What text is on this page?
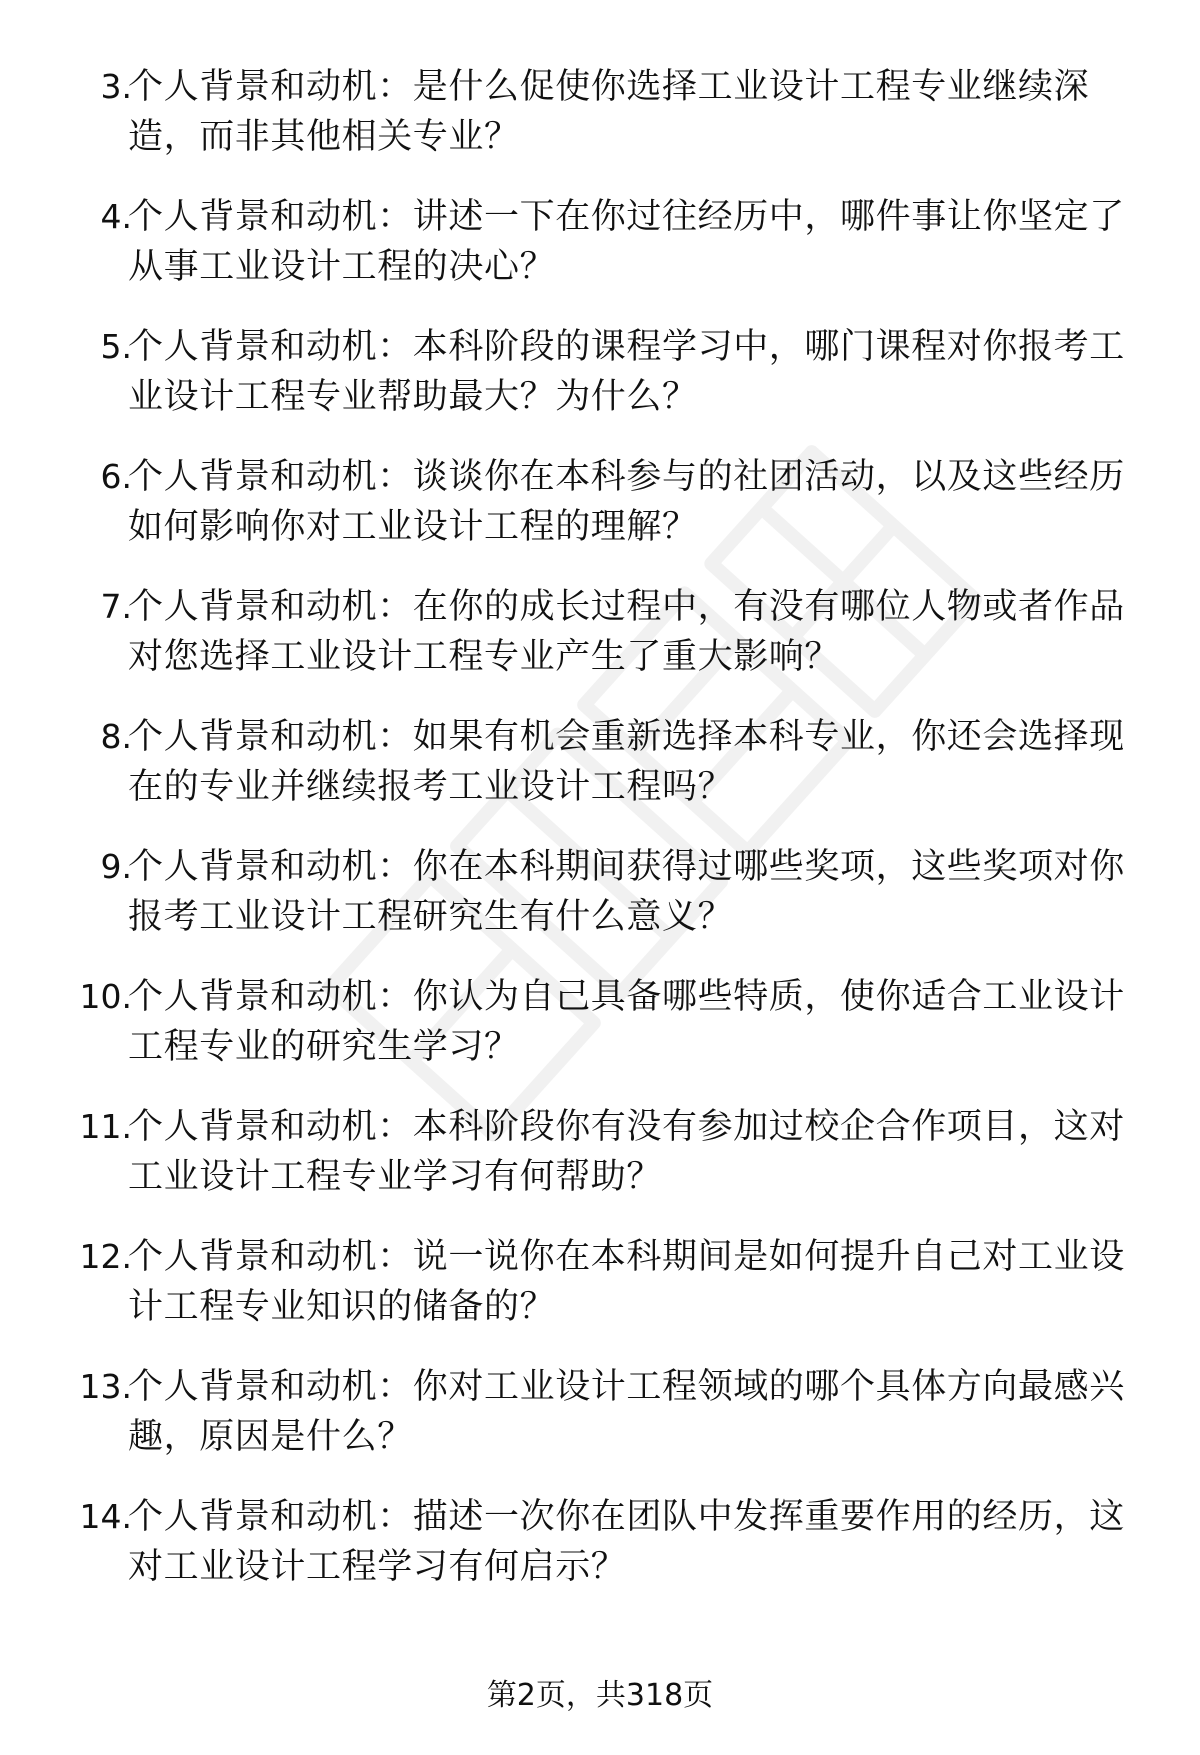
3.

个人背景和动机：是什么促使你选择工业设计工程专业继续深造，而非其他相关专业？

4.

个人背景和动机：讲述一下在你过往经历中，哪件事让你坚定了从事工业设计工程的决心？

5.

个人背景和动机：本科阶段的课程学习中，哪门课程对你报考工业设计工程专业帮助最大？为什么？

6.

个人背景和动机：谈谈你在本科参与的社团活动，以及这些经历如何影响你对工业设计工程的理解？

7.

个人背景和动机：在你的成长过程中，有没有哪位人物或者作品对您选择工业设计工程专业产生了重大影响？

8.

个人背景和动机：如果有机会重新选择本科专业，你还会选择现在的专业并继续报考工业设计工程吗？

9.

个人背景和动机：你在本科期间获得过哪些奖项，这些奖项对你报考工业设计工程研究生有什么意义？

10.

个人背景和动机：你认为自己具备哪些特质，使你适合工业设计工程专业的研究生学习？

11.

个人背景和动机：本科阶段你有没有参加过校企合作项目，这对工业设计工程专业学习有何帮助？

12.

个人背景和动机：说一说你在本科期间是如何提升自己对工业设计工程专业知识的储备的？

13.

个人背景和动机：你对工业设计工程领域的哪个具体方向最感兴趣，原因是什么？

14.

个人背景和动机：描述一次你在团队中发挥重要作用的经历，这对工业设计工程学习有何启示？

第2页，共318页
